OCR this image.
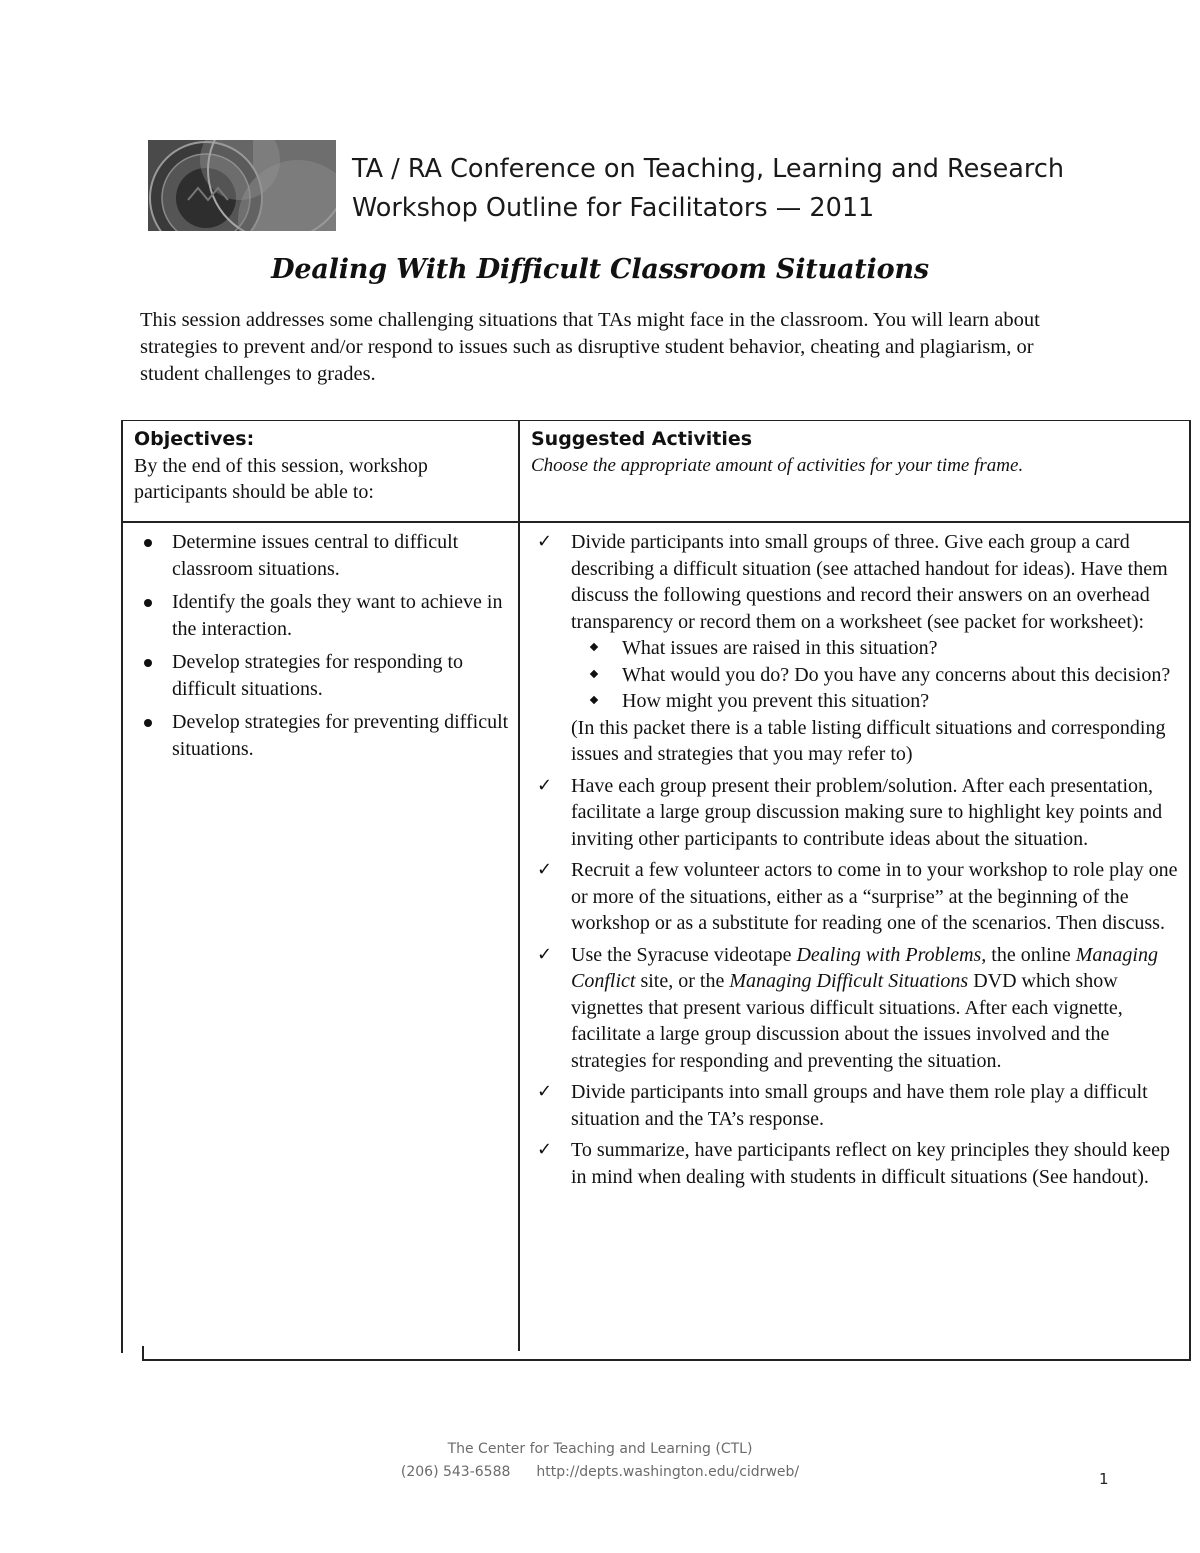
TA / RA Conference on Teaching, Learning and Research
Workshop Outline for Facilitators — 2011
Dealing With Difficult Classroom Situations
This session addresses some challenging situations that TAs might face in the classroom. You will learn about strategies to prevent and/or respond to issues such as disruptive student behavior, cheating and plagiarism, or student challenges to grades.
Objectives:
By the end of this session, workshop participants should be able to:
Suggested Activities
Choose the appropriate amount of activities for your time frame.
Determine issues central to difficult classroom situations.
Identify the goals they want to achieve in the interaction.
Develop strategies for responding to difficult situations.
Develop strategies for preventing difficult situations.
✓ Divide participants into small groups of three. Give each group a card describing a difficult situation (see attached handout for ideas). Have them discuss the following questions and record their answers on an overhead transparency or record them on a worksheet (see packet for worksheet):
What issues are raised in this situation?
What would you do? Do you have any concerns about this decision?
How might you prevent this situation?
(In this packet there is a table listing difficult situations and corresponding issues and strategies that you may refer to)
✓ Have each group present their problem/solution. After each presentation, facilitate a large group discussion making sure to highlight key points and inviting other participants to contribute ideas about the situation.
✓ Recruit a few volunteer actors to come in to your workshop to role play one or more of the situations, either as a “surprise” at the beginning of the workshop or as a substitute for reading one of the scenarios. Then discuss.
✓ Use the Syracuse videotape Dealing with Problems, the online Managing Conflict site, or the Managing Difficult Situations DVD which show vignettes that present various difficult situations. After each vignette, facilitate a large group discussion about the issues involved and the strategies for responding and preventing the situation.
✓ Divide participants into small groups and have them role play a difficult situation and the TA’s response.
✓ To summarize, have participants reflect on key principles they should keep in mind when dealing with students in difficult situations (See handout).
The Center for Teaching and Learning (CTL)
(206) 543-6588 http://depts.washington.edu/cidrweb/	1
